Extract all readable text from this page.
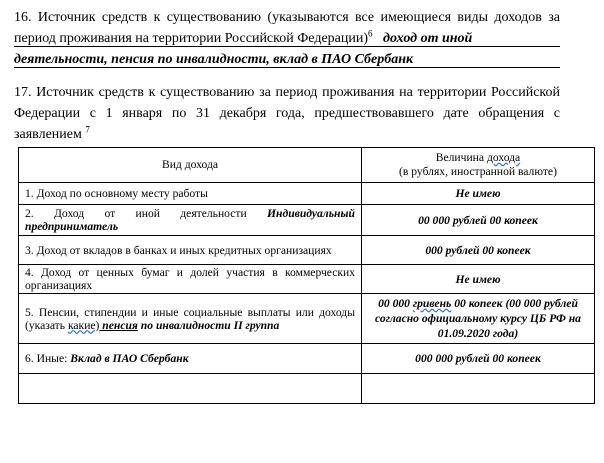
16. Источник средств к существованию (указываются все имеющиеся виды доходов за период проживания на территории Российской Федерации)$^6$ доход от иной
деятельности, пенсия по инвалидности, вклад в ПАО Сбербанк
17. Источник средств к существованию за период проживания на территории Российской Федерации с 1 января по 31 декабря года, предшествовавшего дате обращения с заявлением $^7$
Вид дохода	Величина дохода
(в рублях, иностранной валюте)
1. Доход по основному месту работы	Не имею
2. Доход от иной деятельности Индивидуальный предприниматель	00 000 рублей 00 копеек
3. Доход от вкладов в банках и иных кредитных организациях	000 рублей 00 копеек
4. Доход от ценных бумаг и долей участия в коммерческих организациях	Не имею
5. Пенсии, стипендии и иные социальные выплаты или доходы (указать какие) пенсия по инвалидности II группа	00 000 гривень 00 копеек (00 000 рублей согласно официальному курсу ЦБ РФ на 01.09.2020 года)
6. Иные: Вклад в ПАО Сбербанк	000 000 рублей 00 копеек
